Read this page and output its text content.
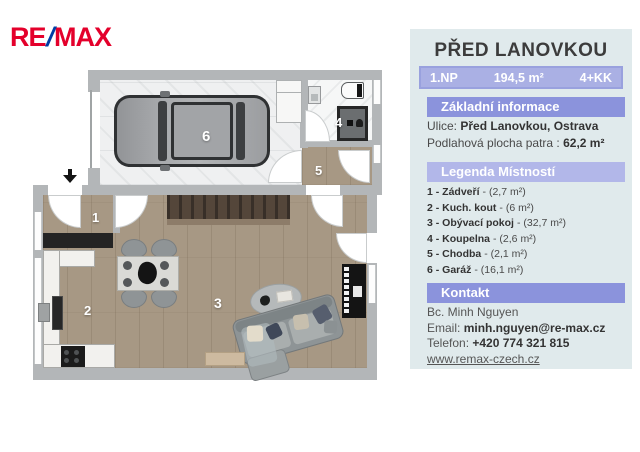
RE/MAX
6
4
5
1
2	3
PŘED LANOVKOU
1.NP	194,5 m²	4+KK
Základní informace
Ulice: Před Lanovkou, Ostrava
Podlahová plocha patra : 62,2 m²
Legenda Místností
1 - Zádveří - (2,7 m²)
2 - Kuch. kout - (6 m²)
3 - Obývací pokoj - (32,7 m²)
4 - Koupelna - (2,6 m²)
5 - Chodba - (2,1 m²)
6 - Garáž - (16,1 m²)
Kontakt
Bc. Minh Nguyen
Email: minh.nguyen@re-max.cz
Telefon: +420 774 321 815
www.remax-czech.cz
